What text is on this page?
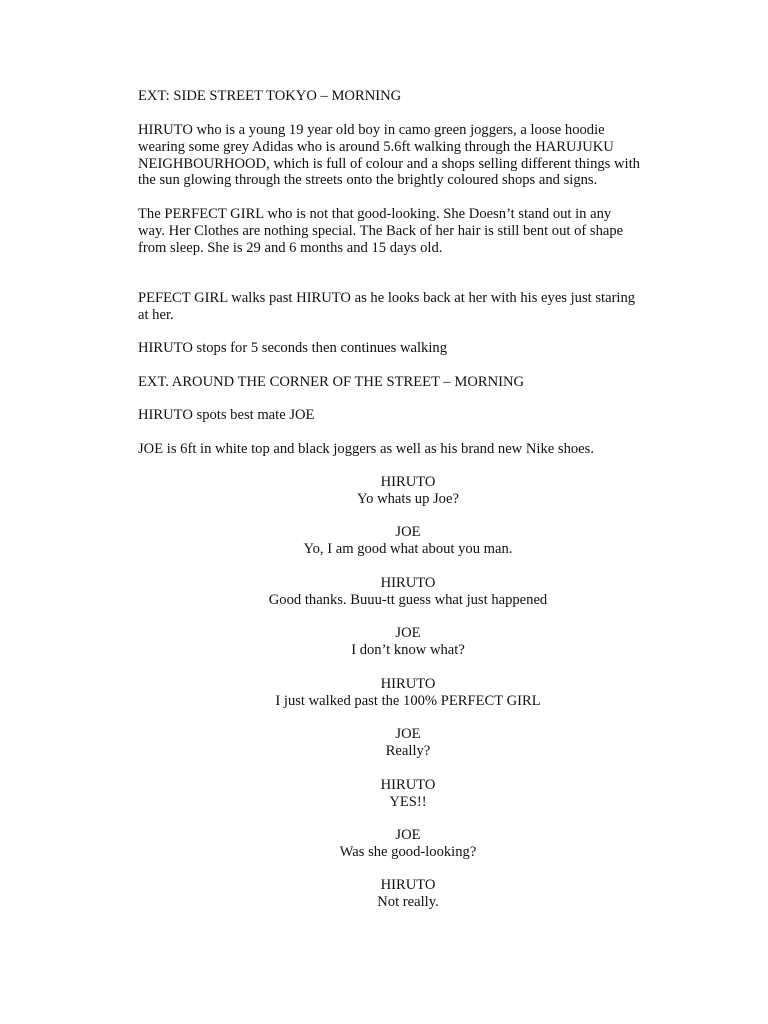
EXT: SIDE STREET TOKYO – MORNING

HIRUTO who is a young 19 year old boy in camo green joggers, a loose hoodie

wearing some grey Adidas who is around 5.6ft walking through the HARUJUKU

NEIGHBOURHOOD, which is full of colour and a shops selling different things with

the sun glowing through the streets onto the brightly coloured shops and signs.

The PERFECT GIRL who is not that good-looking. She Doesn’t stand out in any

way. Her Clothes are nothing special. The Back of her hair is still bent out of shape

from sleep. She is 29 and 6 months and 15 days old.

PEFECT GIRL walks past HIRUTO as he looks back at her with his eyes just staring

at her.

HIRUTO stops for 5 seconds then continues walking

EXT. AROUND THE CORNER OF THE STREET – MORNING

HIRUTO spots best mate JOE

JOE is 6ft in white top and black joggers as well as his brand new Nike shoes.

HIRUTO
Yo whats up Joe?
JOE
Yo, I am good what about you man.
HIRUTO
Good thanks. Buuu-tt guess what just happened
JOE
I don’t know what?
HIRUTO
I just walked past the 100% PERFECT GIRL
JOE
Really?
HIRUTO
YES!!
JOE
Was she good-looking?
HIRUTO
Not really.
